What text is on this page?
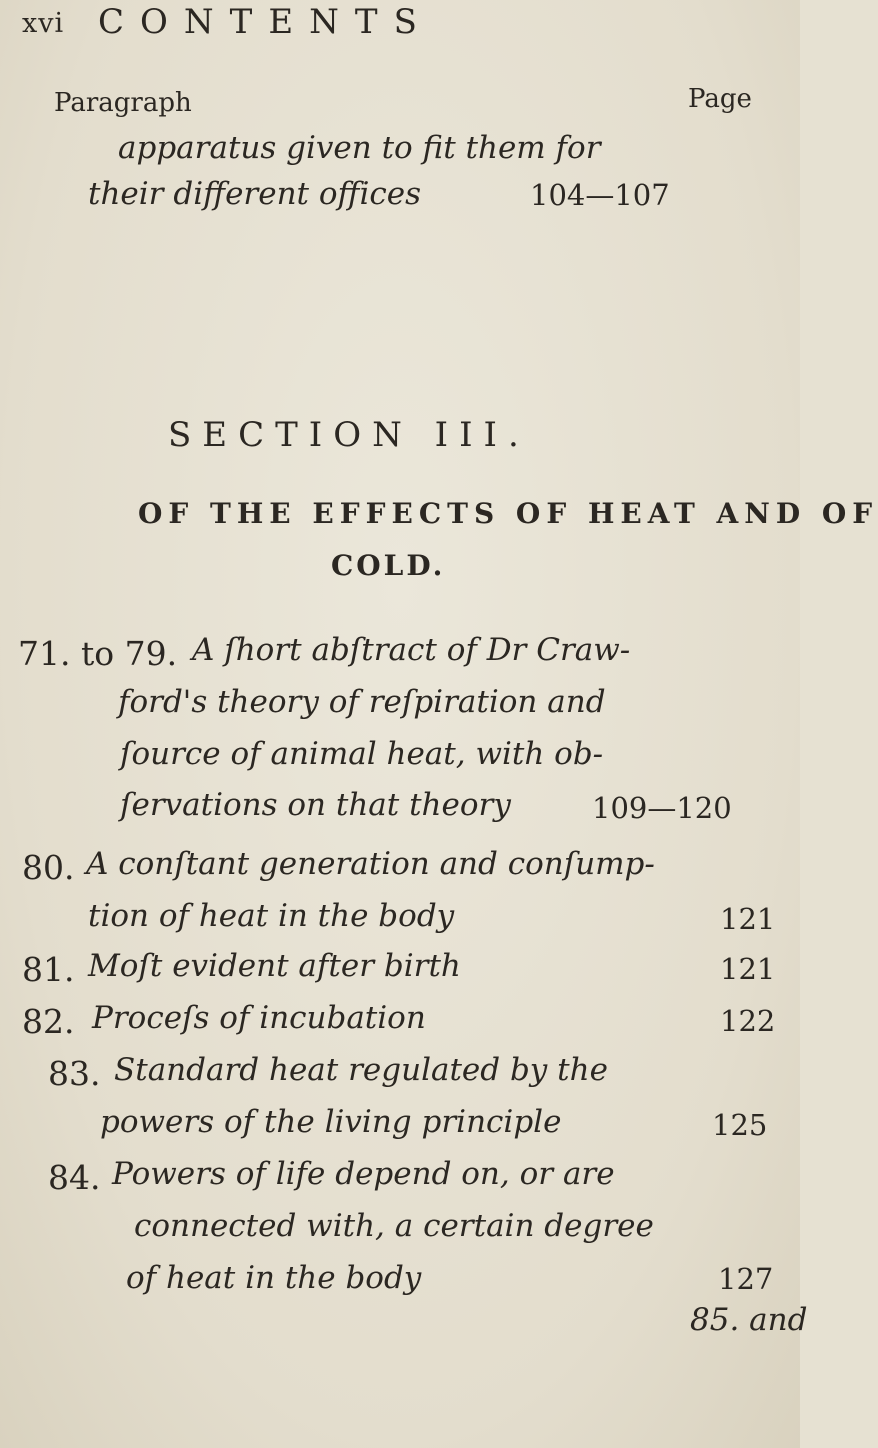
xvi CONTENTS
Paragraph	Page
apparatus given to fit them for
their different offices	104—107
SECTION III.
OF THE EFFECTS OF HEAT AND OF
COLD.
71. to 79. A ſhort abſtract of Dr Craw-
ford's theory of reſpiration and
ſource of animal heat, with ob-
ſervations on that theory	109—120
80. A conſtant generation and conſump-
tion of heat in the body	121
81. Moſt evident after birth	121
82. Proceſs of incubation	122
83. Standard heat regulated by the
powers of the living principle	125
84. Powers of life depend on, or are
connected with, a certain degree
of heat in the body	127
85. and
